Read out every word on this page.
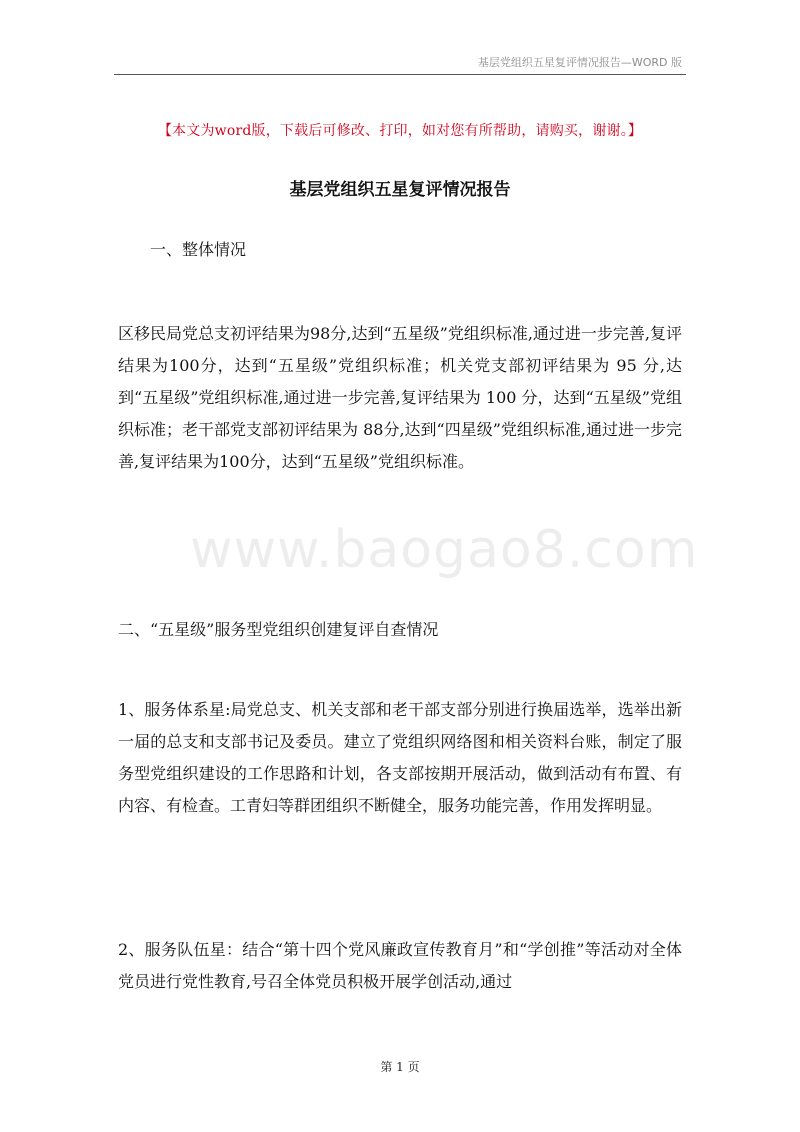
基层党组织五星复评情况报告—WORD 版
【本文为word版，下载后可修改、打印，如对您有所帮助，请购买，谢谢。】
基层党组织五星复评情况报告
一、整体情况
区移民局党总支初评结果为98分,达到“五星级”党组织标准,通过进一步完善,复评结果为100分，达到“五星级”党组织标准；机关党支部初评结果为 95 分,达到“五星级”党组织标准,通过进一步完善,复评结果为 100 分，达到“五星级”党组织标准；老干部党支部初评结果为 88分,达到“四星级”党组织标准,通过进一步完善,复评结果为100分，达到“五星级”党组织标准。
www.baogao8.com
二、“五星级”服务型党组织创建复评自查情况
1、服务体系星:局党总支、机关支部和老干部支部分别进行换届选举，选举出新一届的总支和支部书记及委员。建立了党组织网络图和相关资料台账，制定了服务型党组织建设的工作思路和计划，各支部按期开展活动，做到活动有布置、有内容、有检查。工青妇等群团组织不断健全，服务功能完善，作用发挥明显。
2、服务队伍星：结合“第十四个党风廉政宣传教育月”和“学创推”等活动对全体党员进行党性教育,号召全体党员积极开展学创活动,通过
第 1 页
